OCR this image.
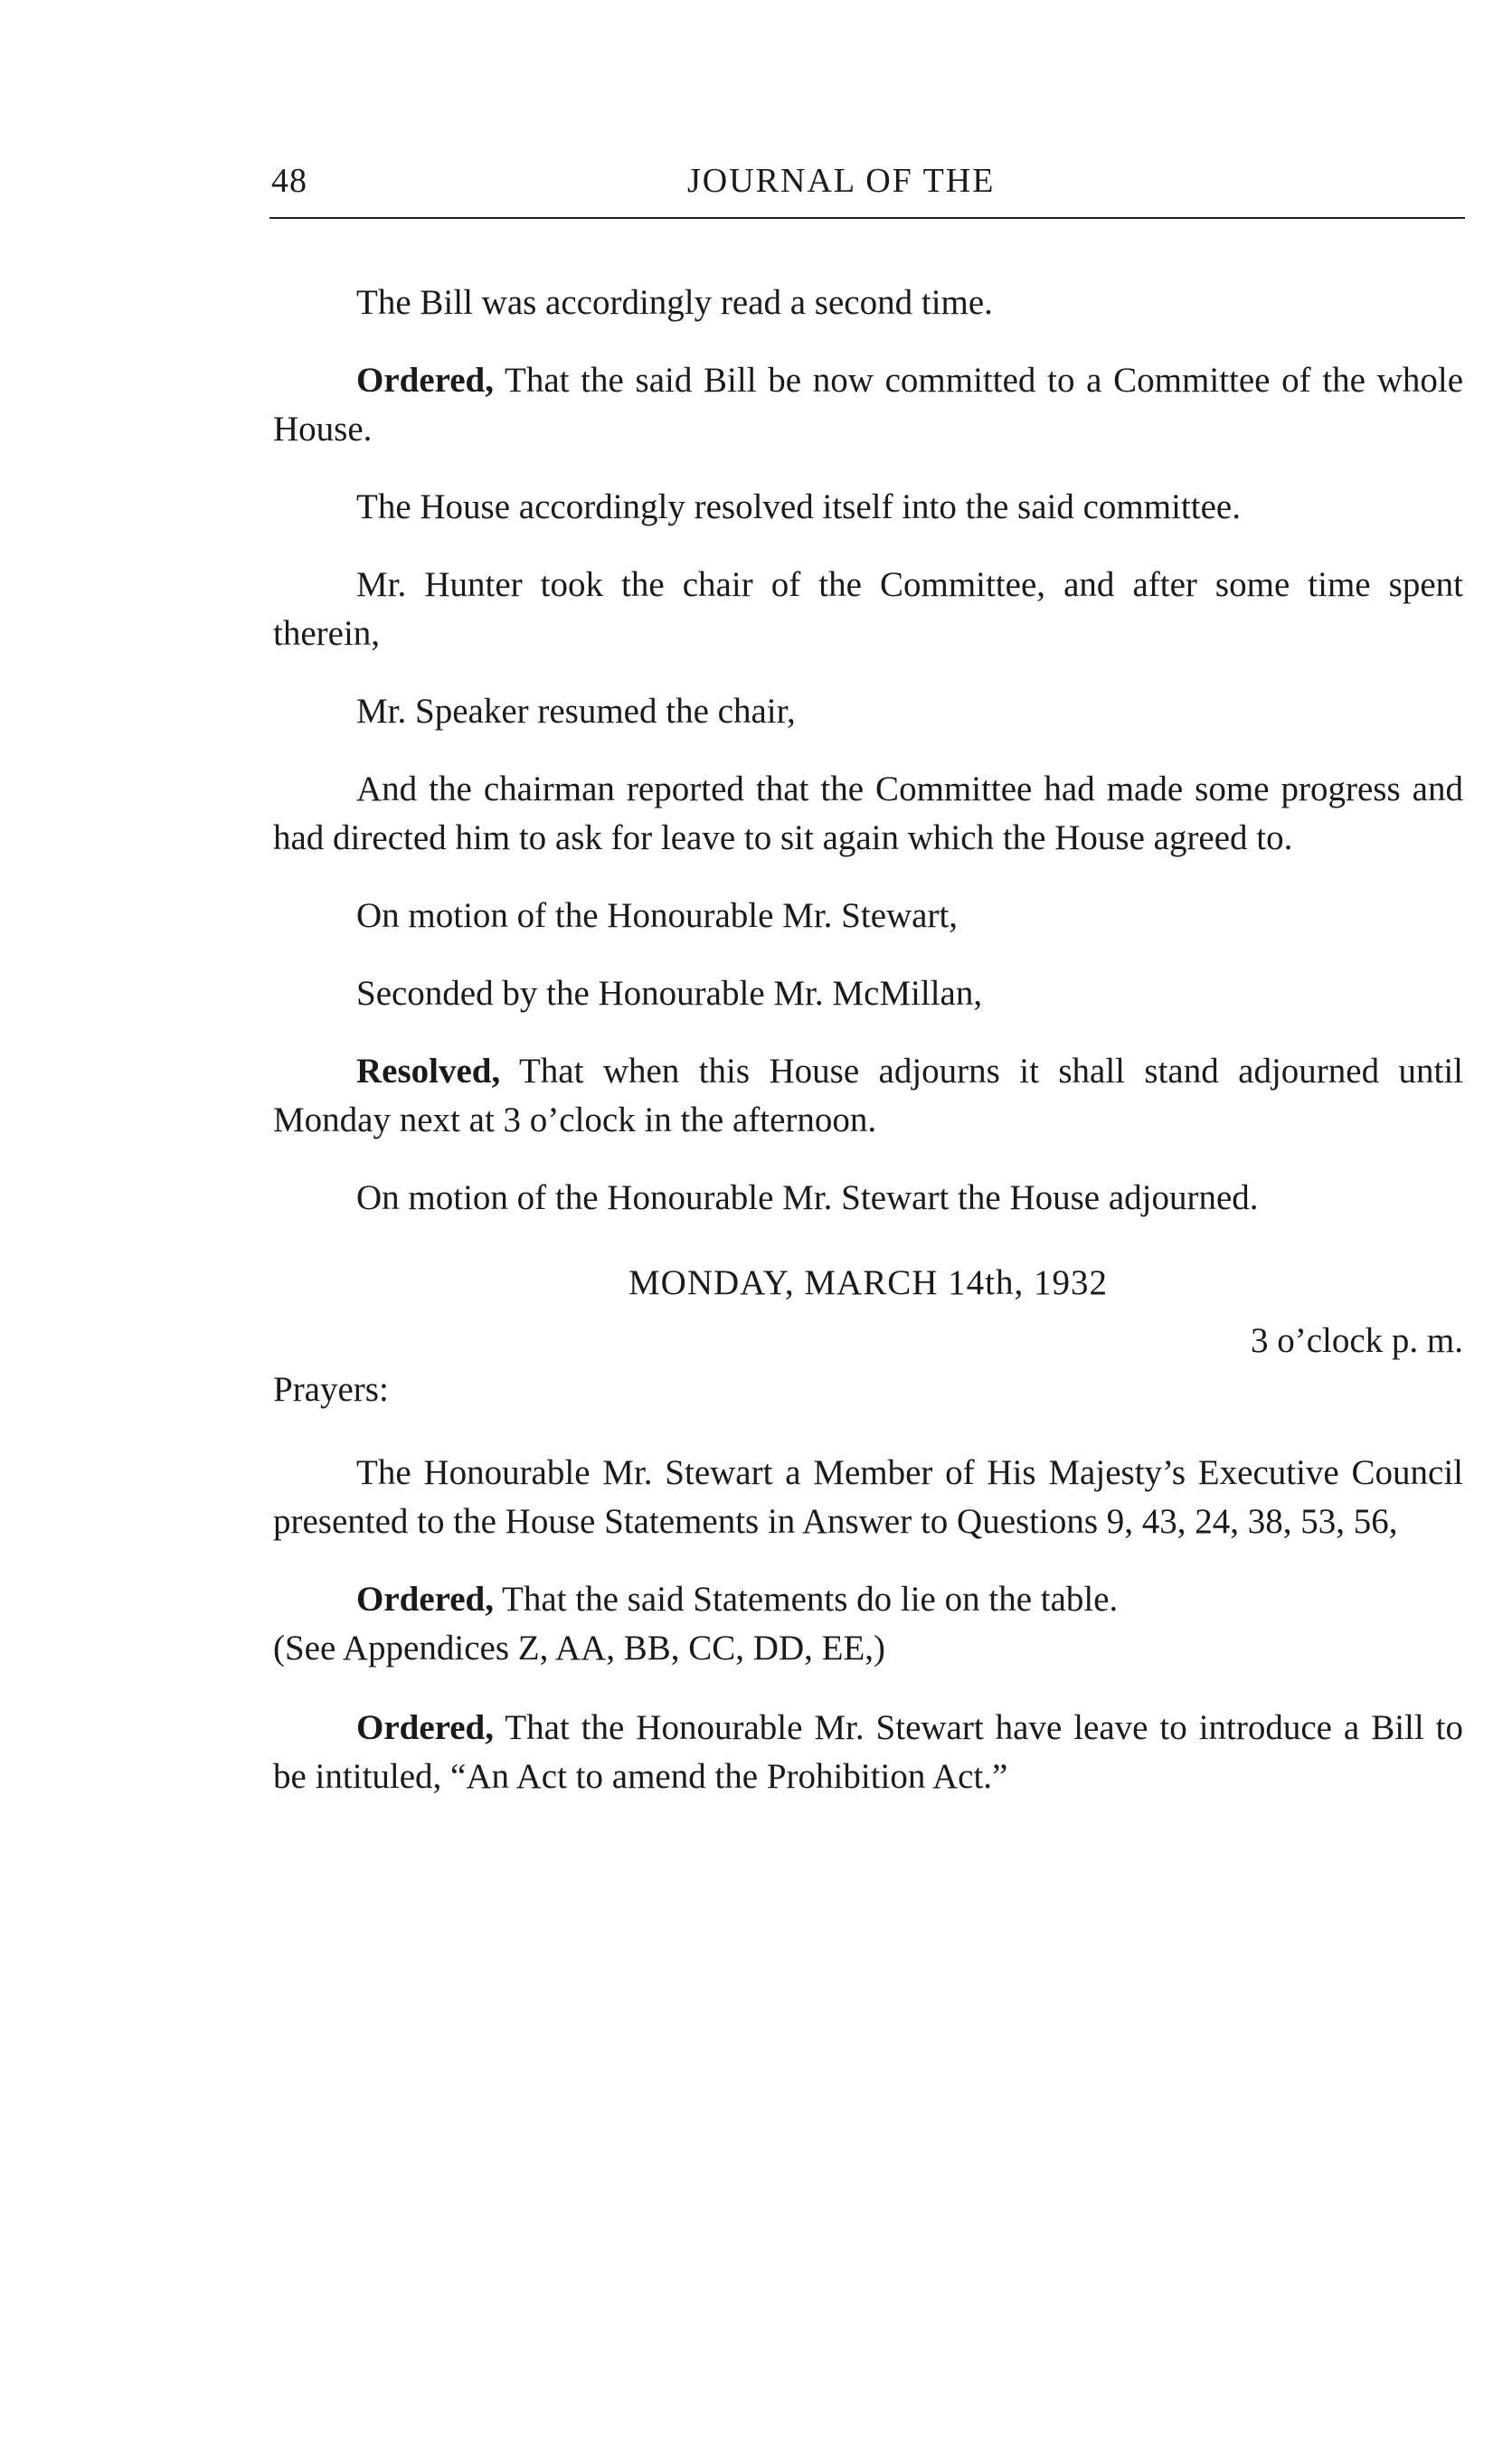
48	JOURNAL OF THE

The Bill was accordingly read a second time.

Ordered, That the said Bill be now committed to a Committee of the whole House.

The House accordingly resolved itself into the said committee.

Mr. Hunter took the chair of the Committee, and after some time spent therein,

Mr. Speaker resumed the chair,

And the chairman reported that the Committee had made some progress and had directed him to ask for leave to sit again which the House agreed to.

On motion of the Honourable Mr. Stewart,

Seconded by the Honourable Mr. McMillan,

Resolved, That when this House adjourns it shall stand adjourned until Monday next at 3 o’clock in the afternoon.

On motion of the Honourable Mr. Stewart the House adjourned.

MONDAY, MARCH 14th, 1932

3 o’clock p. m.

Prayers:

The Honourable Mr. Stewart a Member of His Majesty’s Executive Council presented to the House Statements in Answer to Questions 9, 43, 24, 38, 53, 56,

Ordered, That the said Statements do lie on the table.
(See Appendices Z, AA, BB, CC, DD, EE,)

Ordered, That the Honourable Mr. Stewart have leave to introduce a Bill to be intituled, “An Act to amend the Prohibition Act.”
